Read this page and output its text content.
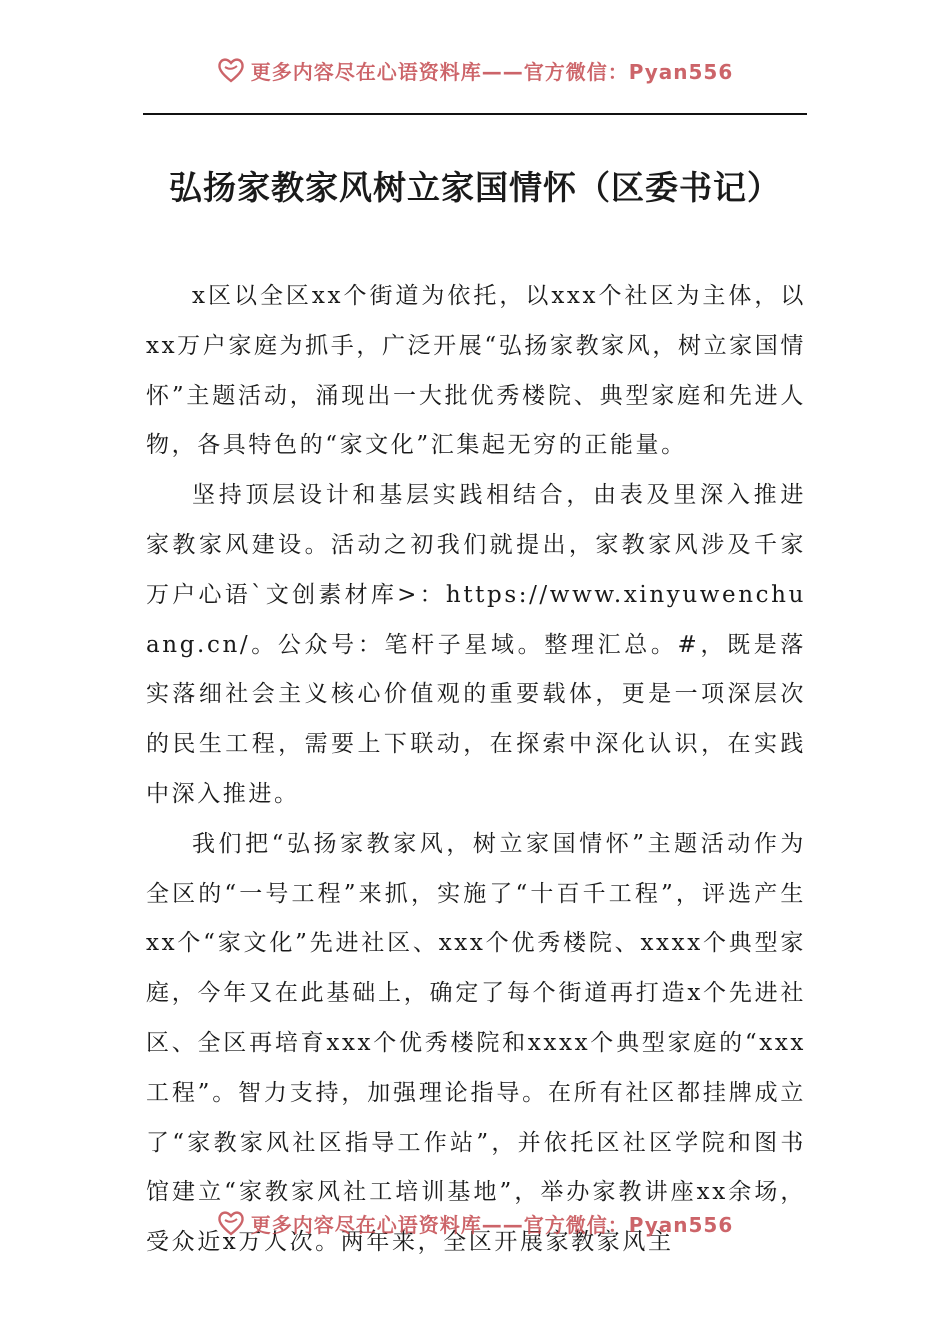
更多内容尽在心语资料库——官方微信：Pyan556
弘扬家教家风树立家国情怀（区委书记）

x区以全区xx个街道为依托，以xxx个社区为主体，以xx万户家庭为抓手，广泛开展“弘扬家教家风，树立家国情怀”主题活动，涌现出一大批优秀楼院、典型家庭和先进人物，各具特色的“家文化”汇集起无穷的正能量。

坚持顶层设计和基层实践相结合，由表及里深入推进家教家风建设。活动之初我们就提出，家教家风涉及千家万户心语`文创素材库>：https://www.xinyuwenchuang.cn/。公众号：笔杆子星域。整理汇总。#，既是落实落细社会主义核心价值观的重要载体，更是一项深层次的民生工程，需要上下联动，在探索中深化认识，在实践中深入推进。

我们把“弘扬家教家风，树立家国情怀”主题活动作为全区的“一号工程”来抓，实施了“十百千工程”，评选产生xx个“家文化”先进社区、xxx个优秀楼院、xxxx个典型家庭，今年又在此基础上，确定了每个街道再打造x个先进社区、全区再培育xxx个优秀楼院和xxxx个典型家庭的“xxx工程”。智力支持，加强理论指导。在所有社区都挂牌成立了“家教家风社区指导工作站”，并依托区社区学院和图书馆建立“家教家风社工培训基地”，举办家教讲座xx余场，受众近x万人次。两年来，全区开展家教家风主

更多内容尽在心语资料库——官方微信：Pyan556
